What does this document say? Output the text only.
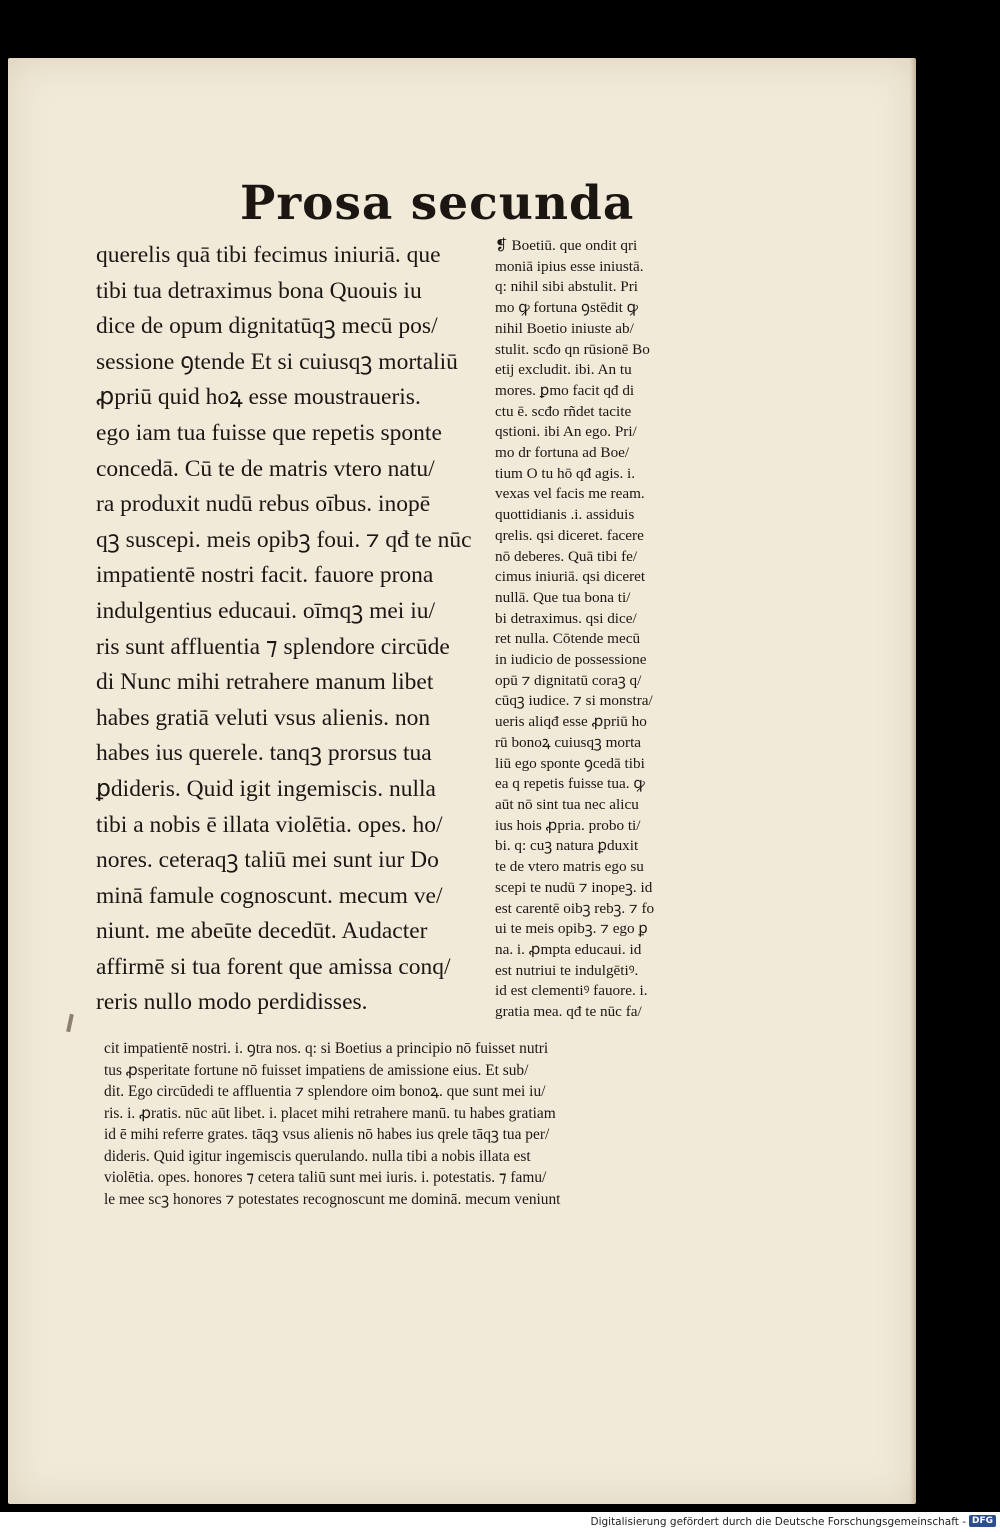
Prosa secunda
querelis quā tibi fecimus iniuriā. que
tibi tua detraximus bona Quouis iu
dice de opum dignitatūqꝫ mecū pos/
sessione ꝯtende Et si cuiusqꝫ mortaliū
ꝓpriū quid hoꝝ esse moustraueris.
ego iam tua fuisse que repetis sponte
concedā. Cū te de matris vtero natu/
ra produxit nudū rebus oībus. inopē
qꝫ suscepi. meis opibꝫ foui. ⁊ qđ te nūc
impatientē nostri facit. fauore prona
indulgentius educaui. oīmqꝫ mei iu/
ris sunt affluentia ⁊ splendore circūde
di Nunc mihi retrahere manum libet
habes gratiā veluti vsus alienis. non
habes ius querele. tanqꝫ prorsus tua
ꝑdideris. Quid igit ingemiscis. nulla
tibi a nobis ē illata violētia. opes. ho/
nores. ceteraqꝫ taliū mei sunt iur Do
minā famule cognoscunt. mecum ve/
niunt. me abeūte decedūt. Audacter
affirmē si tua forent que amissa conq/
reris nullo modo perdidisses.
❡ Boetiū. que ondit qri
moniā ipius esse iniustā.
q: nihil sibi abstulit. Pri
mo ꝙ fortuna ꝯstēdit ꝙ
nihil Boetio iniuste ab/
stulit. scđo qn rūsionē Bo
etij excludit. ibi. An tu
mores. ꝑmo facit qđ di
ctu ē. scđo rñdet tacite
qstioni. ibi An ego. Pri/
mo dr fortuna ad Boe/
tium O tu hō qđ agis. i.
vexas vel facis me ream.
quottidianis .i. assiduis
qrelis. qsi diceret. facere
nō deberes. Quā tibi fe/
cimus iniuriā. qsi diceret
nullā. Que tua bona ti/
bi detraximus. qsi dice/
ret nulla. Cōtende mecū
in iudicio de possessione
opū ⁊ dignitatū coraꝫ q/
cūqꝫ iudice. ⁊ si monstra/
ueris aliqđ esse ꝓpriū ho
rū bonoꝝ cuiusqꝫ morta
liū ego sponte ꝯcedā tibi
ea q repetis fuisse tua. ꝙ
aūt nō sint tua nec alicu
ius hois ꝓpria. probo ti/
bi. q: cuꝫ natura ꝑduxit
te de vtero matris ego su
scepi te nudū ⁊ inopeꝫ. id
est carentē oibꝫ rebꝫ. ⁊ fo
ui te meis opibꝫ. ⁊ ego ꝑ
na. i. ꝓmpta educaui. id
est nutriui te indulgētiꝰ.
id est clementiꝰ fauore. i.
gratia mea. qđ te nūc fa/
cit impatientē nostri. i. ꝯtra nos. q: si Boetius a principio nō fuisset nutri
tus ꝓsperitate fortune nō fuisset impatiens de amissione eius. Et sub/
dit. Ego circūdedi te affluentia ⁊ splendore oim bonoꝝ. que sunt mei iu/
ris. i. ꝓratis. nūc aūt libet. i. placet mihi retrahere manū. tu habes gratiam
id ē mihi referre grates. tāqꝫ vsus alienis nō habes ius qrele tāqꝫ tua per/
dideris. Quid igitur ingemiscis querulando. nulla tibi a nobis illata est
violētia. opes. honores ⁊ cetera taliū sunt mei iuris. i. potestatis. ⁊ famu/
le mee scꝫ honores ⁊ potestates recognoscunt me dominā. mecum veniunt
Digitalisierung gefördert durch die Deutsche Forschungsgemeinschaft - DFG
